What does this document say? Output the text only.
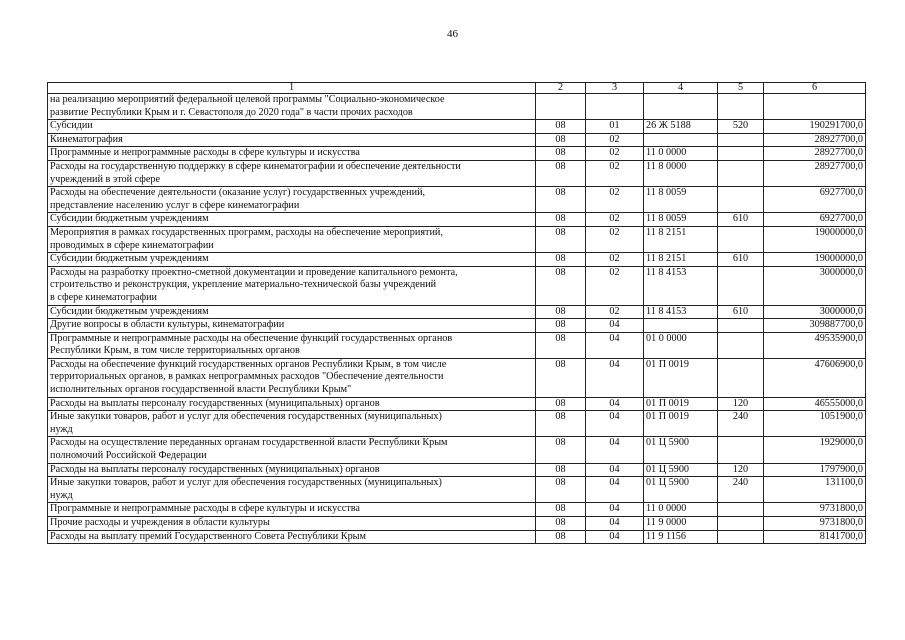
46
1	2	3	4	5	6
на реализацию мероприятий федеральной целевой программы "Социально-экономическое
развитие Республики Крым и г. Севастополя до 2020 года" в части прочих расходов					
Субсидии	08	01	26 Ж 5188	520	190291700,0
Кинематография	08	02			28927700,0
Программные и непрограммные расходы в сфере культуры и искусства	08	02	11 0 0000		28927700,0
Расходы на государственную поддержку в сфере кинематографии и обеспечение деятельности
учреждений в этой сфере	08	02	11 8 0000		28927700,0
Расходы на обеспечение деятельности (оказание услуг) государственных учреждений,
представление населению услуг в сфере кинематографии	08	02	11 8 0059		6927700,0
Субсидии бюджетным учреждениям	08	02	11 8 0059	610	6927700,0
Мероприятия в рамках государственных программ, расходы на обеспечение мероприятий,
проводимых в сфере кинематографии	08	02	11 8 2151		19000000,0
Субсидии бюджетным учреждениям	08	02	11 8 2151	610	19000000,0
Расходы на разработку проектно-сметной документации и проведение капитального ремонта,
строительство и реконструкция, укрепление материально-технической базы учреждений
в сфере кинематографии	08	02	11 8 4153		3000000,0
Субсидии бюджетным учреждениям	08	02	11 8 4153	610	3000000,0
Другие вопросы в области культуры, кинематографии	08	04			309887700,0
Программные и непрограммные расходы на обеспечение функций государственных органов
Республики Крым, в том числе территориальных органов	08	04	01 0 0000		49535900,0
Расходы на обеспечение функций государственных органов Республики Крым, в том числе
территориальных органов, в рамках непрограммных расходов "Обеспечение деятельности
исполнительных органов государственной власти Республики Крым"	08	04	01 П 0019		47606900,0
Расходы на выплаты персоналу государственных (муниципальных) органов	08	04	01 П 0019	120	46555000,0
Иные закупки товаров, работ и услуг для обеспечения государственных (муниципальных)
нужд	08	04	01 П 0019	240	1051900,0
Расходы на осуществление переданных органам государственной власти Республики Крым
полномочий Российской Федерации	08	04	01 Ц 5900		1929000,0
Расходы на выплаты персоналу государственных (муниципальных) органов	08	04	01 Ц 5900	120	1797900,0
Иные закупки товаров, работ и услуг для обеспечения государственных (муниципальных)
нужд	08	04	01 Ц 5900	240	131100,0
Программные и непрограммные расходы в сфере культуры и искусства	08	04	11 0 0000		9731800,0
Прочие расходы и учреждения в области культуры	08	04	11 9 0000		9731800,0
Расходы на выплату премий Государственного Совета Республики Крым	08	04	11 9 1156		8141700,0
